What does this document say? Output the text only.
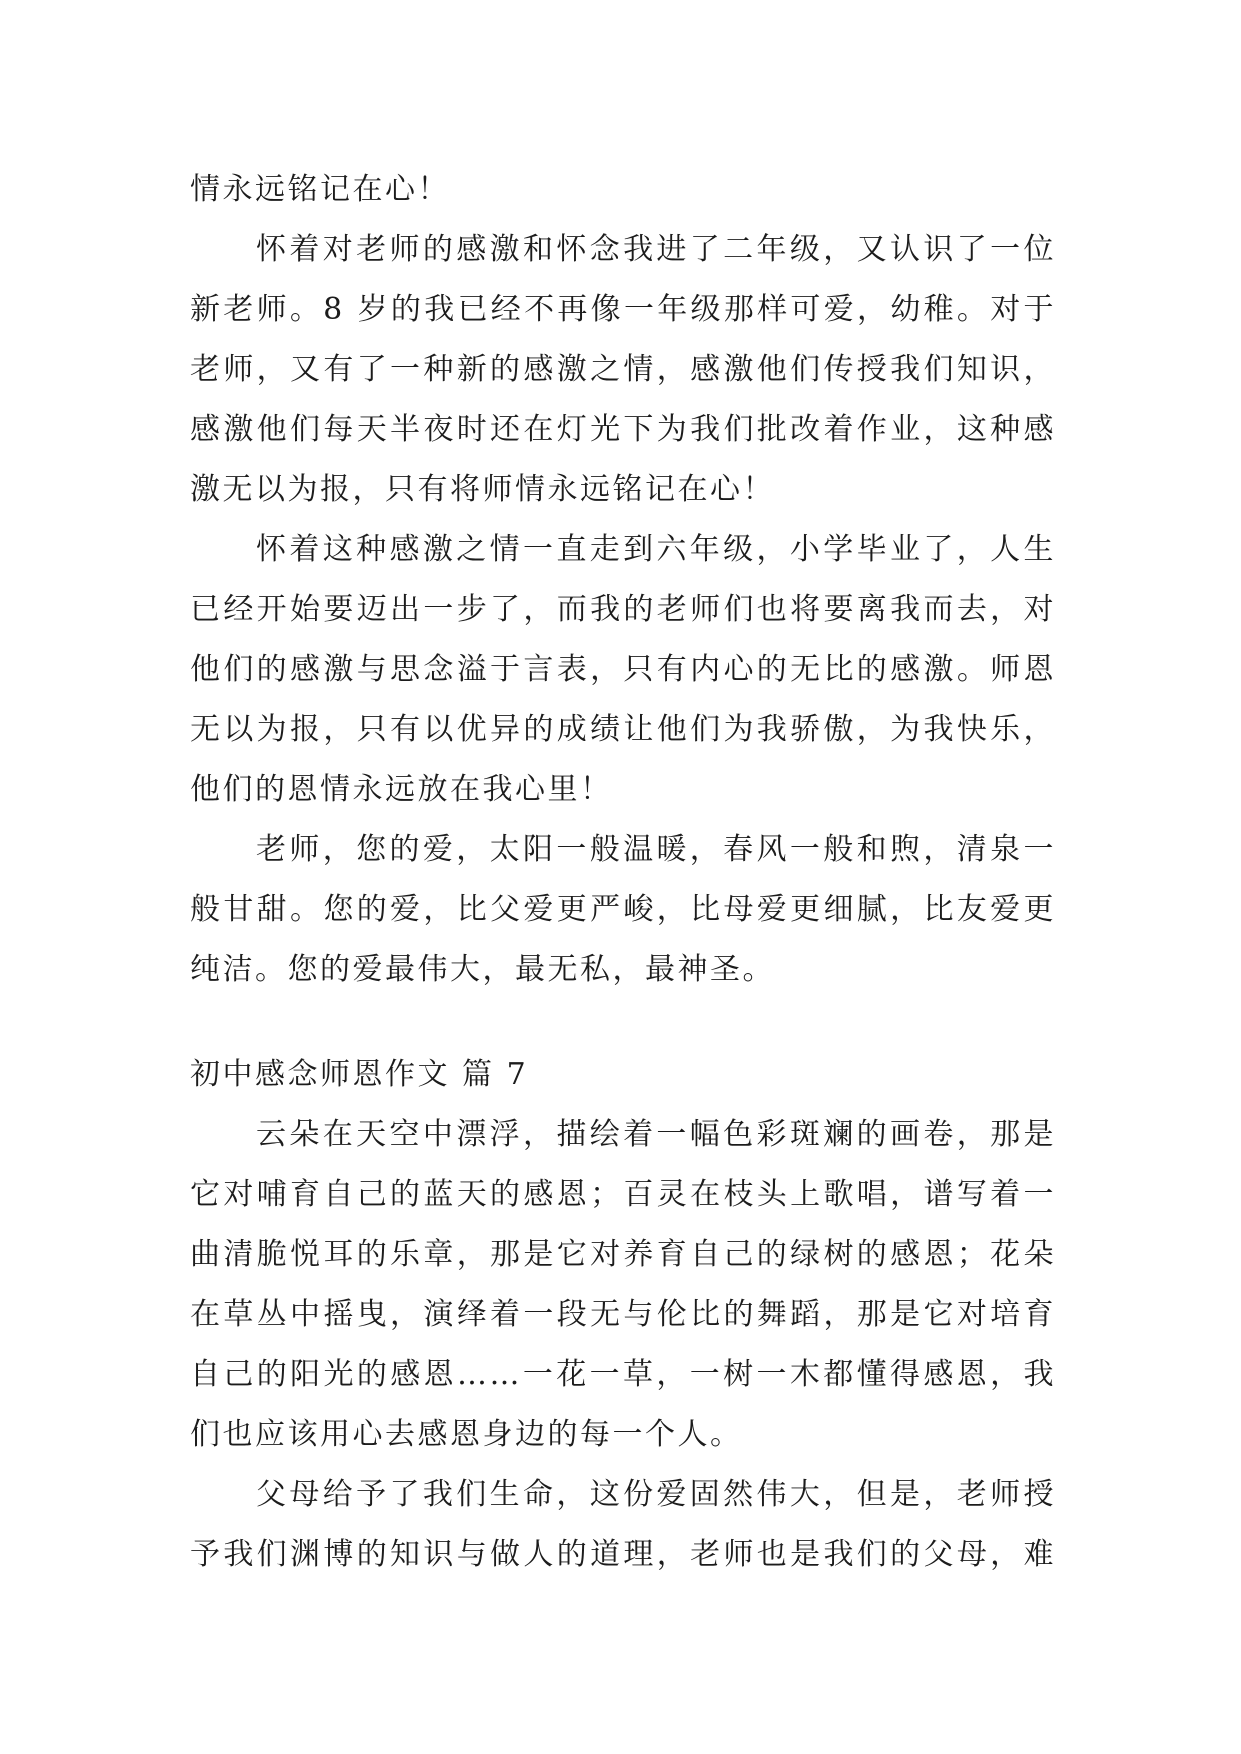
情永远铭记在心！
怀着对老师的感激和怀念我进了二年级，又认识了一位
新老师。8 岁的我已经不再像一年级那样可爱，幼稚。对于
老师，又有了一种新的感激之情，感激他们传授我们知识，
感激他们每天半夜时还在灯光下为我们批改着作业，这种感
激无以为报，只有将师情永远铭记在心！
怀着这种感激之情一直走到六年级，小学毕业了，人生
已经开始要迈出一步了，而我的老师们也将要离我而去，对
他们的感激与思念溢于言表，只有内心的无比的感激。师恩
无以为报，只有以优异的成绩让他们为我骄傲，为我快乐，
他们的恩情永远放在我心里！
老师，您的爱，太阳一般温暖，春风一般和煦，清泉一
般甘甜。您的爱，比父爱更严峻，比母爱更细腻，比友爱更
纯洁。您的爱最伟大，最无私，最神圣。
初中感念师恩作文 篇 7
云朵在天空中漂浮，描绘着一幅色彩斑斓的画卷，那是
它对哺育自己的蓝天的感恩；百灵在枝头上歌唱，谱写着一
曲清脆悦耳的乐章，那是它对养育自己的绿树的感恩；花朵
在草丛中摇曳，演绎着一段无与伦比的舞蹈，那是它对培育
自己的阳光的感恩……一花一草，一树一木都懂得感恩，我
们也应该用心去感恩身边的每一个人。
父母给予了我们生命，这份爱固然伟大，但是，老师授
予我们渊博的知识与做人的道理，老师也是我们的父母，难
